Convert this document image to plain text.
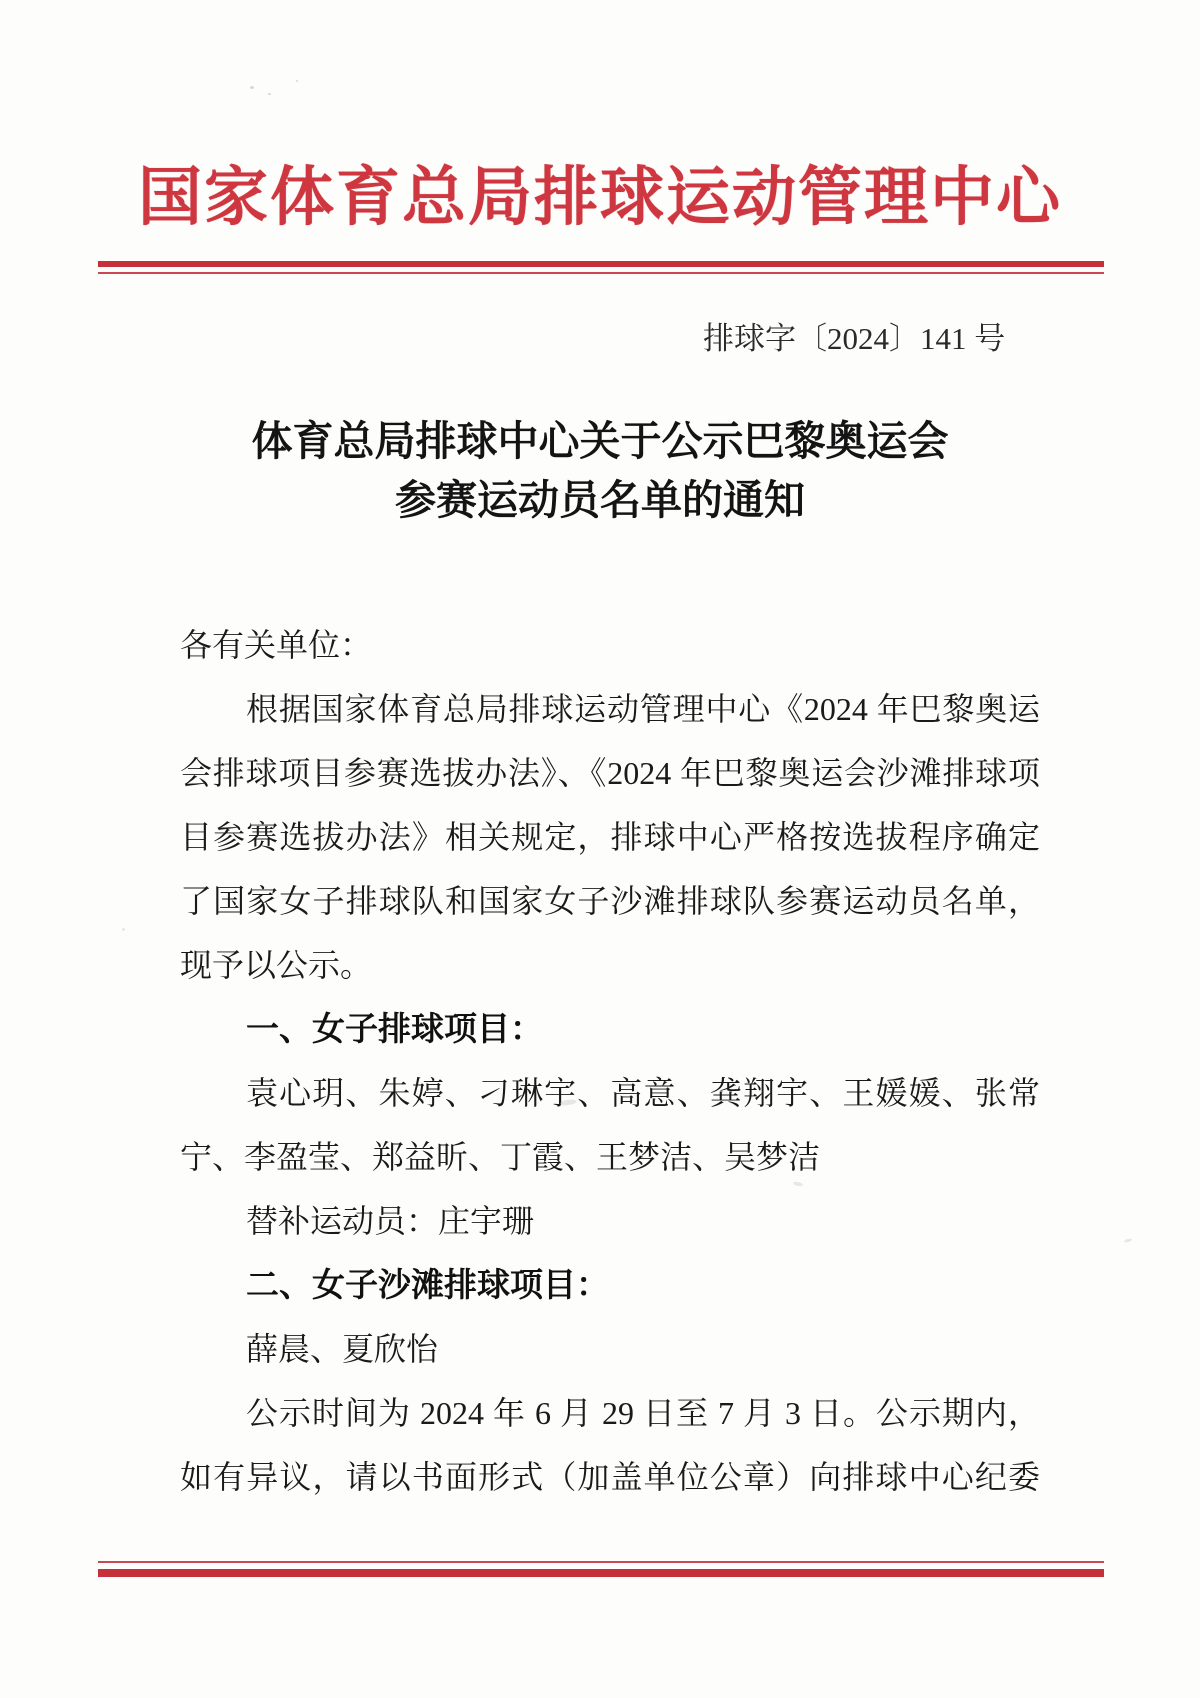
国家体育总局排球运动管理中心
排球字〔2024〕141 号
体育总局排球中心关于公示巴黎奥运会
参赛运动员名单的通知
各有关单位：
根据国家体育总局排球运动管理中心《2024 年巴黎奥运
会排球项目参赛选拔办法》、《2024 年巴黎奥运会沙滩排球项
目参赛选拔办法》相关规定，排球中心严格按选拔程序确定
了国家女子排球队和国家女子沙滩排球队参赛运动员名单，
现予以公示。
一、女子排球项目：
袁心玥、朱婷、刁琳宇、高意、龚翔宇、王媛媛、张常
宁、李盈莹、郑益昕、丁霞、王梦洁、吴梦洁
替补运动员：庄宇珊
二、女子沙滩排球项目：
薛晨、夏欣怡
公示时间为 2024 年 6 月 29 日至 7 月 3 日。公示期内，
如有异议，请以书面形式（加盖单位公章）向排球中心纪委
